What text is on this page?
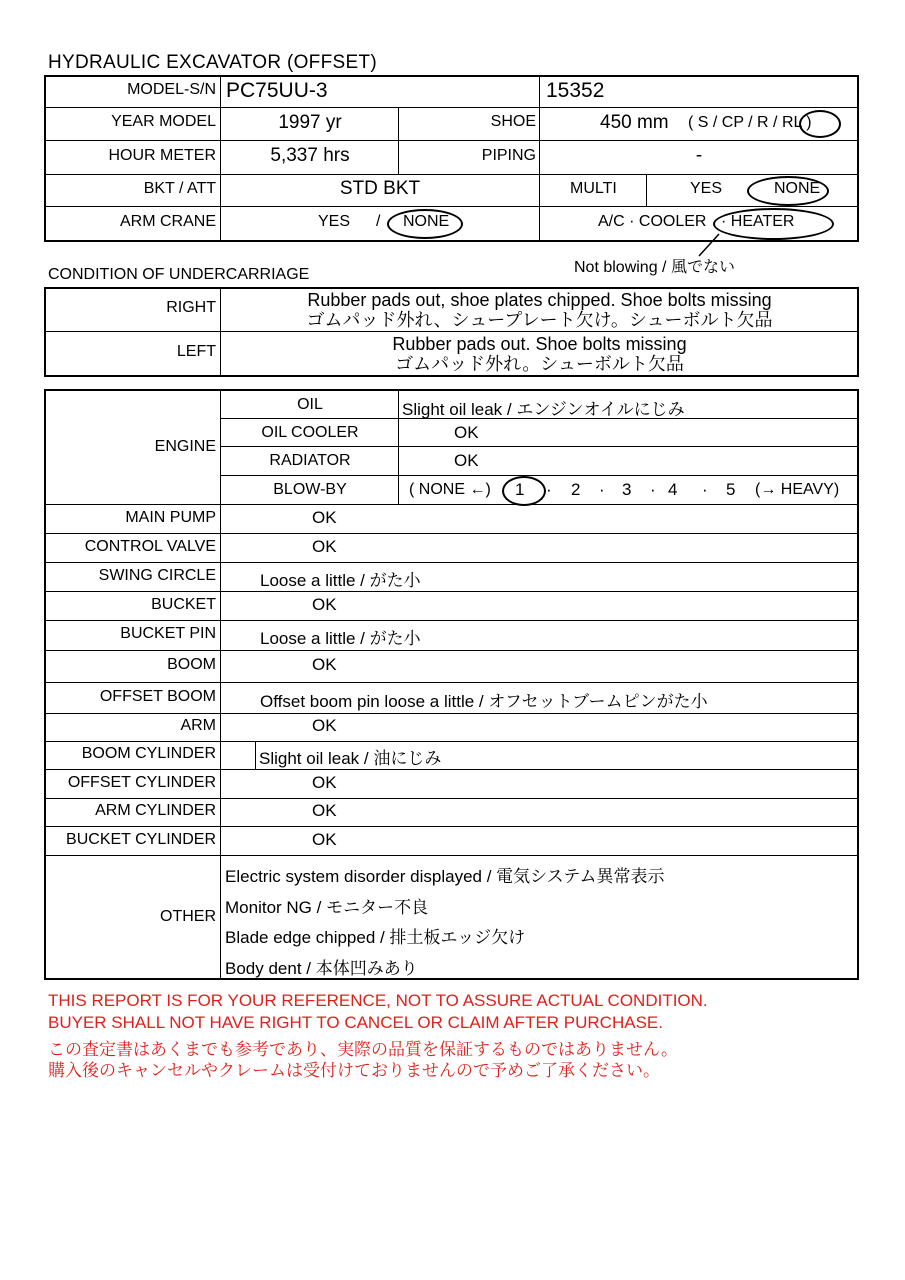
HYDRAULIC EXCAVATOR (OFFSET)
MODEL-S/N PC75UU-3	15352
YEAR MODEL	1997 yr	SHOE	450 mm ( S / CP / R / RL )
HOUR METER	5,337 hrs	PIPING	-
BKT / ATT	STD BKT	MULTI	YES	NONE
ARM CRANE	YES / NONE	A/C · COOLER · HEATER
Not blowing / 風でない
CONDITION OF UNDERCARRIAGE
RIGHT	Rubber pads out, shoe plates chipped. Shoe bolts missing
ゴムパッド外れ、シュープレート欠け。シューボルト欠品
LEFT	Rubber pads out. Shoe bolts missing
ゴムパッド外れ。シューボルト欠品
ENGINE
OIL	Slight oil leak / エンジンオイルにじみ
OIL COOLER	OK
RADIATOR	OK
BLOW-BY	( NONE ←) 1 · 2 · 3 · 4 · 5 (→ HEAVY)
MAIN PUMP	OK
CONTROL VALVE	OK
SWING CIRCLE	Loose a little / がた小
BUCKET	OK
BUCKET PIN	Loose a little / がた小
BOOM	OK
OFFSET BOOM	Offset boom pin loose a little / オフセットブームピンがた小
ARM	OK
BOOM CYLINDER	Slight oil leak / 油にじみ
OFFSET CYLINDER	OK
ARM CYLINDER	OK
BUCKET CYLINDER	OK
OTHER
Electric system disorder displayed / 電気システム異常表示
Monitor NG / モニター不良
Blade edge chipped / 排土板エッジ欠け
Body dent / 本体凹みあり
THIS REPORT IS FOR YOUR REFERENCE, NOT TO ASSURE ACTUAL CONDITION.
BUYER SHALL NOT HAVE RIGHT TO CANCEL OR CLAIM AFTER PURCHASE.
この査定書はあくまでも参考であり、実際の品質を保証するものではありません。
購入後のキャンセルやクレームは受付けておりませんので予めご了承ください。
